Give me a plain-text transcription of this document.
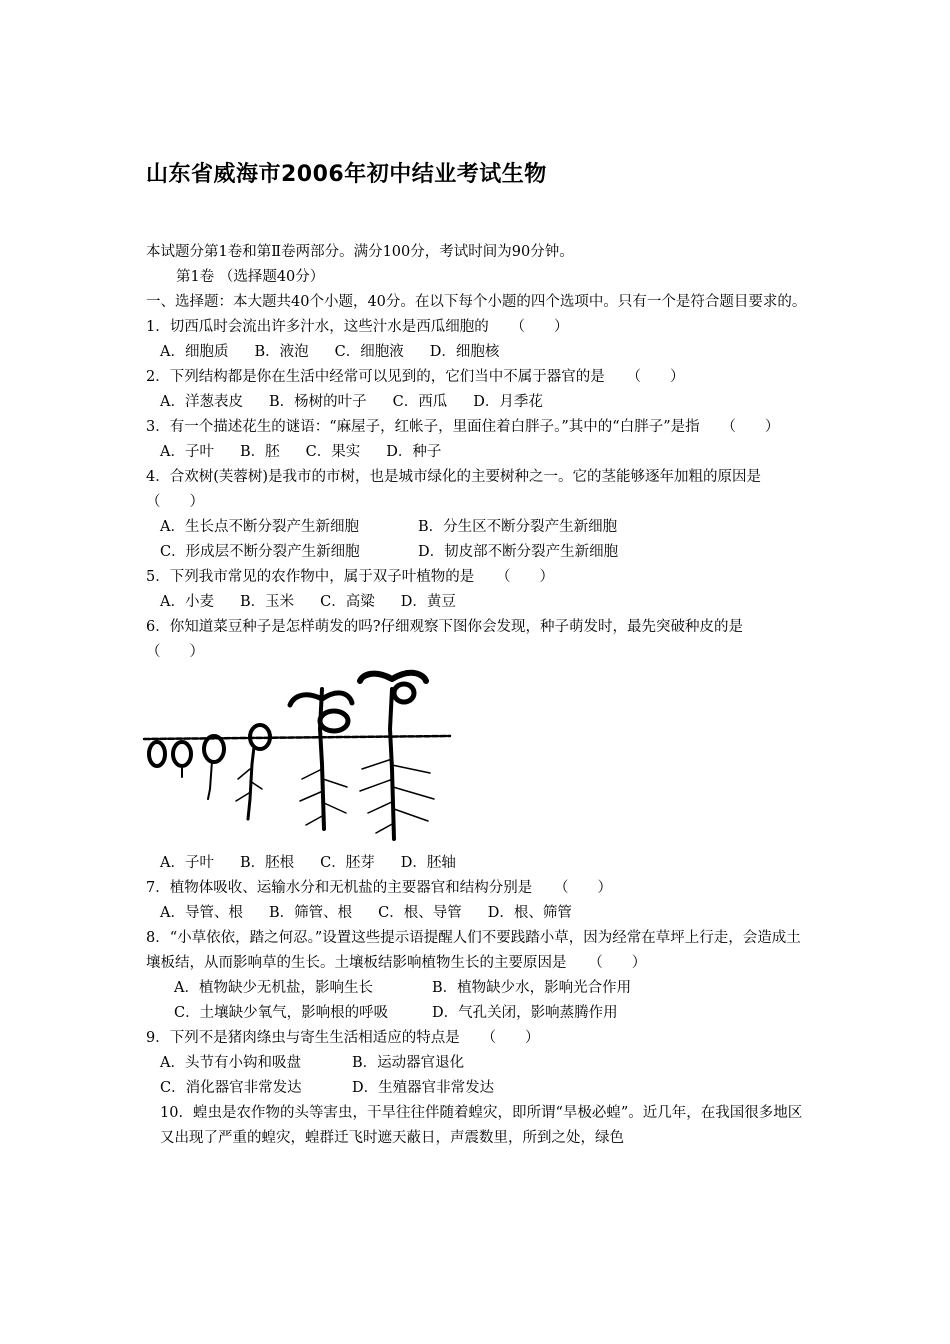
山东省威海市2006年初中结业考试生物
本试题分第1卷和第Ⅱ卷两部分。满分100分，考试时间为90分钟。
第1卷 （选择题40分）
一、选择题：本大题共40个小题，40分。在以下每个小题的四个选项中。只有一个是符合题目要求的。
1．切西瓜时会流出许多汁水，这些汁水是西瓜细胞的　　（　　）
A．细胞质 B．液泡 C．细胞液 D．细胞核
2．下列结构都是你在生活中经常可以见到的，它们当中不属于器官的是　　（　　）
A．洋葱表皮 B．杨树的叶子 C．西瓜 D．月季花
3．有一个描述花生的谜语：“麻屋子，红帐子，里面住着白胖子。”其中的“白胖子”是指　　（　　）
A．子叶 B．胚 C．果实 D．种子
4．合欢树(芙蓉树)是我市的市树，也是城市绿化的主要树种之一。它的茎能够逐年加粗的原因是　　　　（　　）
A．生长点不断分裂产生新细胞	B．分生区不断分裂产生新细胞
C．形成层不断分裂产生新细胞	D．韧皮部不断分裂产生新细胞
5．下列我市常见的农作物中，属于双子叶植物的是　　（　　）
A．小麦 B．玉米 C．高粱 D．黄豆
6．你知道菜豆种子是怎样萌发的吗?仔细观察下图你会发现，种子萌发时，最先突破种皮的是　　　（　　）
A．子叶 B．胚根 C．胚芽 D．胚轴
7．植物体吸收、运输水分和无机盐的主要器官和结构分别是　　（　　）
A．导管、根 B．筛管、根 C．根、导管 D．根、筛管
8．“小草依依，踏之何忍。”设置这些提示语提醒人们不要践踏小草，因为经常在草坪上行走，会造成土壤板结，从而影响草的生长。土壤板结影响植物生长的主要原因是　　（　　）
A．植物缺少无机盐，影响生长	B．植物缺少水，影响光合作用
C．土壤缺少氧气，影响根的呼吸	D．气孔关闭，影响蒸腾作用
9．下列不是猪肉绦虫与寄生生活相适应的特点是　　（　　）
A．头节有小钩和吸盘	B．运动器官退化
C．消化器官非常发达	D．生殖器官非常发达
10．蝗虫是农作物的头等害虫，干旱往往伴随着蝗灾，即所谓“旱极必蝗”。近几年，在我国很多地区又出现了严重的蝗灾，蝗群迁飞时遮天蔽日，声震数里，所到之处，绿色
